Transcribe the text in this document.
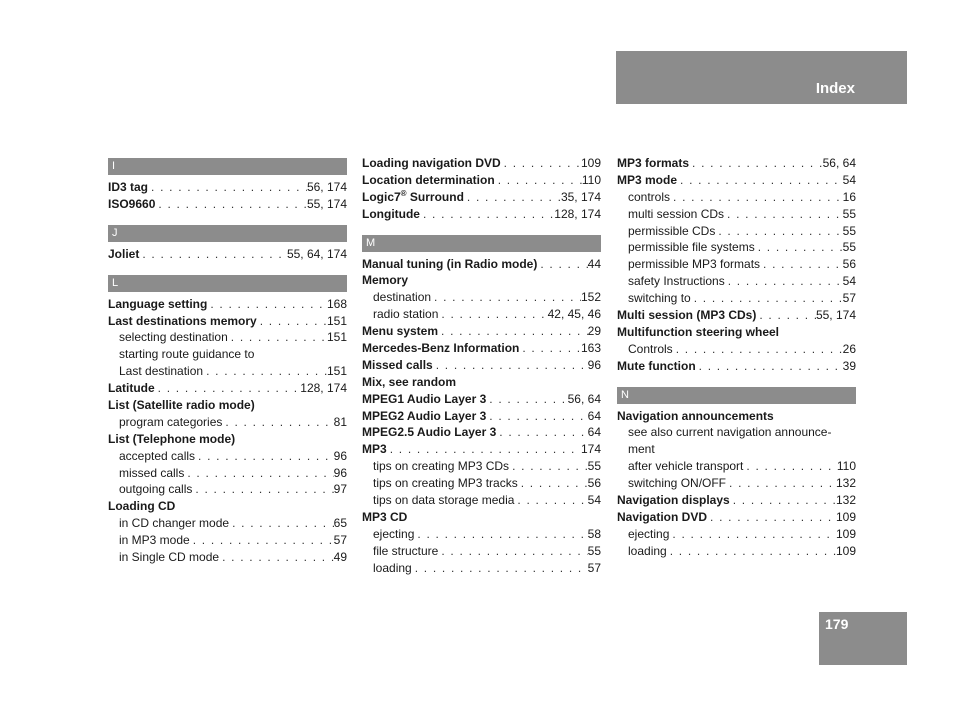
Index
I
ID3 tag . . .	56, 174
ISO9660 . . .	55, 174
J
Joliet . . .	55, 64, 174
L
Language setting . . .	168
Last destinations memory . . .	151
selecting destination . . .	151
starting route guidance to
Last destination . . .	151
Latitude . . .	128, 174
List (Satellite radio mode)
program categories . . .	81
List (Telephone mode)
accepted calls . . .	96
missed calls . . .	96
outgoing calls . . .	97
Loading CD
in CD changer mode . . .	65
in MP3 mode . . .	57
in Single CD mode . . .	49
Loading navigation DVD . . .	109
Location determination . . .	110
Logic7® Surround . . .	35, 174
Longitude . . .	128, 174
M
Manual tuning (in Radio mode) . . .	44
Memory
destination . . .	152
radio station . . .	42, 45, 46
Menu system . . .	29
Mercedes-Benz Information . . .	163
Missed calls . . .	96
Mix, see random
MPEG1 Audio Layer 3 . . .	56, 64
MPEG2 Audio Layer 3 . . .	64
MPEG2.5 Audio Layer 3 . . .	64
MP3 . . .	174
tips on creating MP3 CDs . . .	55
tips on creating MP3 tracks . . .	56
tips on data storage media . . .	54
MP3 CD
ejecting . . .	58
file structure . . .	55
loading . . .	57
MP3 formats . . .	56, 64
MP3 mode . . .	54
controls . . .	16
multi session CDs . . .	55
permissible CDs . . .	55
permissible file systems . . .	55
permissible MP3 formats . . .	56
safety Instructions . . .	54
switching to . . .	57
Multi session (MP3 CDs) . . .	55, 174
Multifunction steering wheel
Controls . . .	26
Mute function . . .	39
N
Navigation announcements
see also current navigation announce-
ment
after vehicle transport . . .	110
switching ON/OFF . . .	132
Navigation displays . . .	132
Navigation DVD . . .	109
ejecting . . .	109
loading . . .	109
179
